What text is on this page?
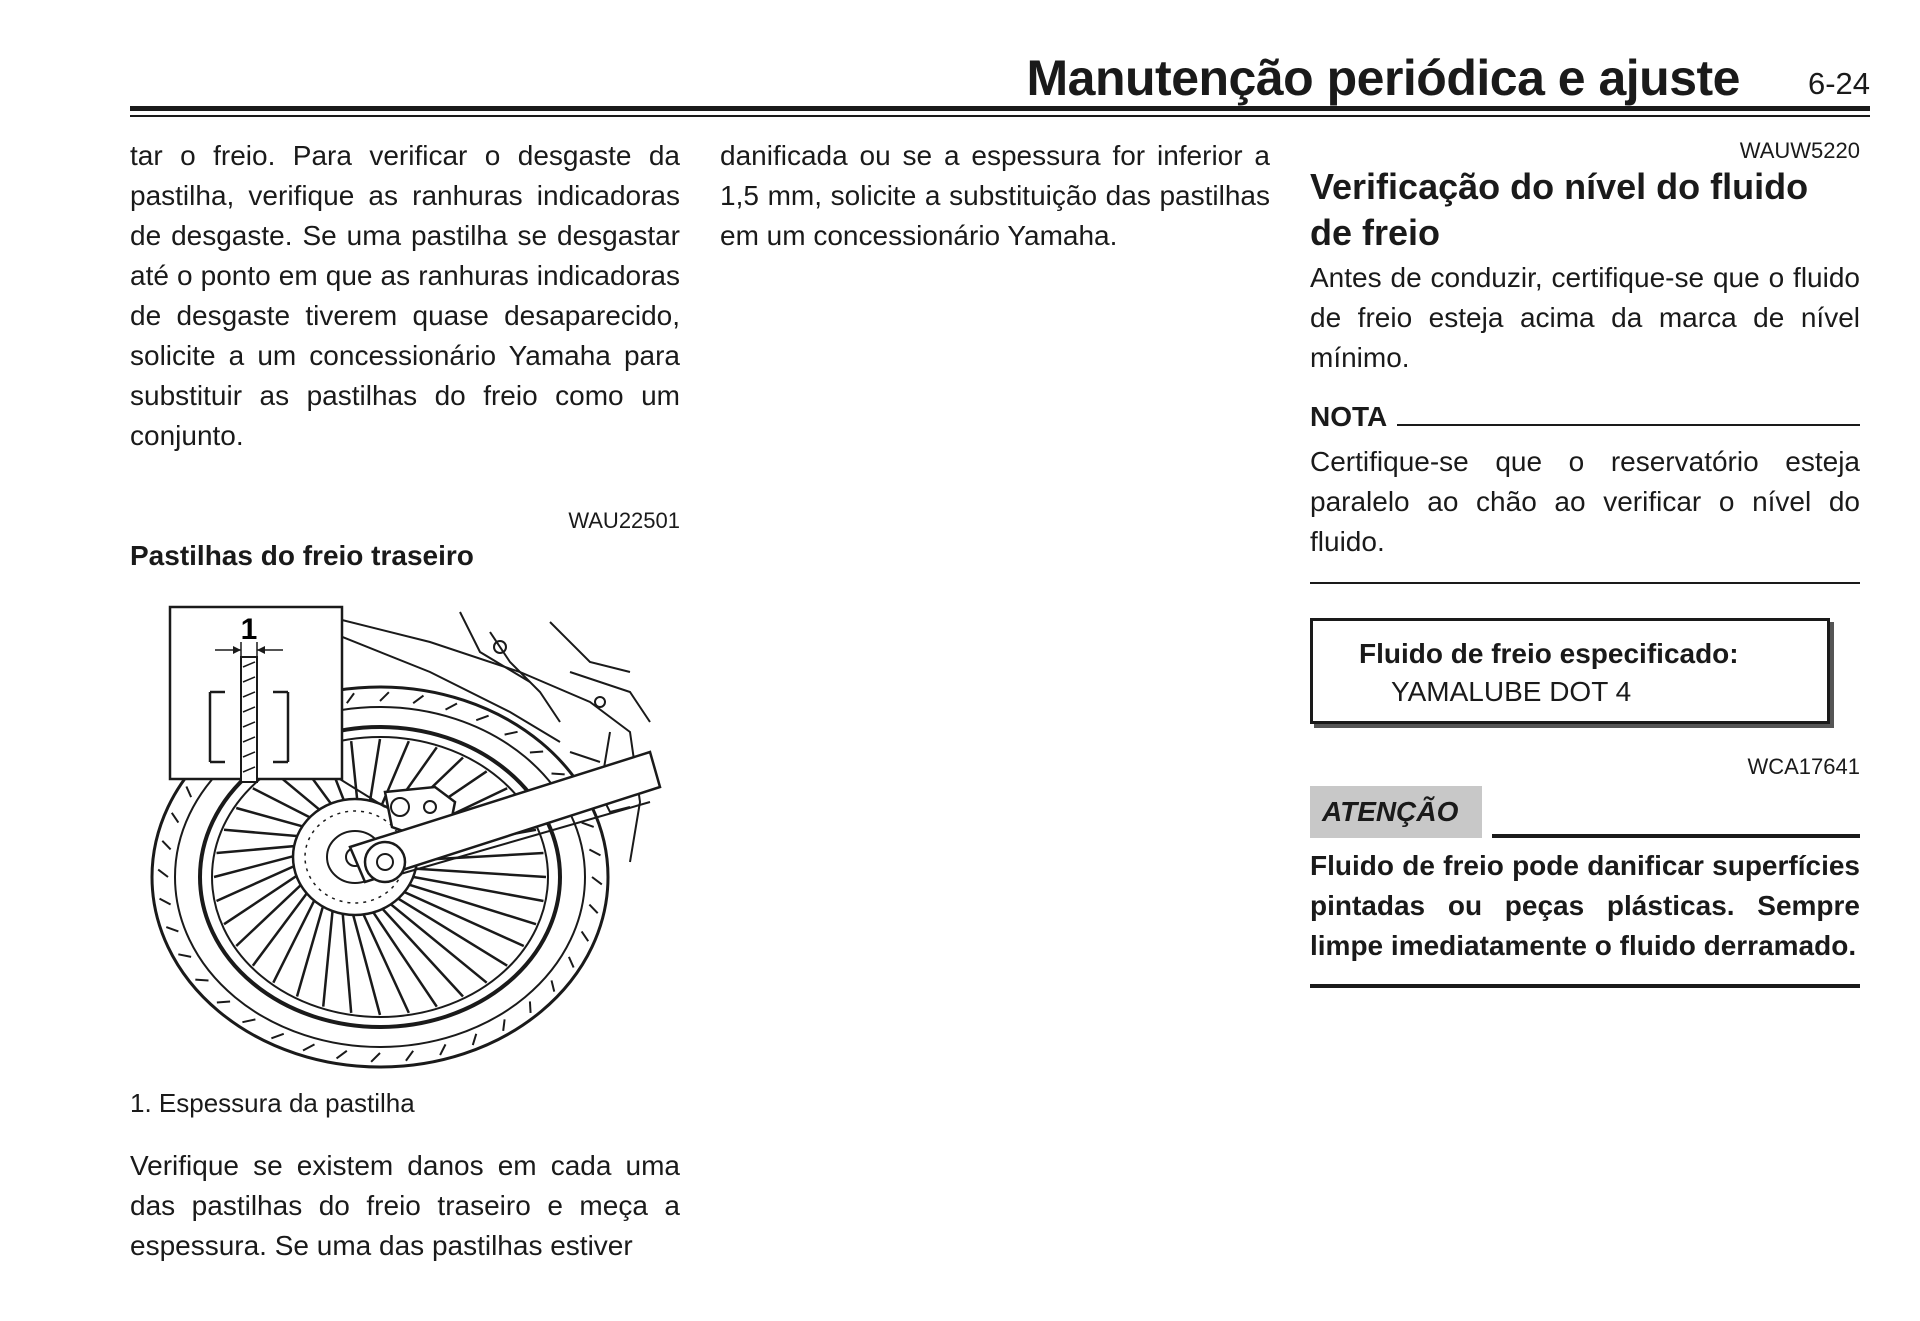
Manutenção periódica e ajuste	6-24

tar o freio. Para verificar o desgaste da pastilha, verifique as ranhuras indicadoras de desgaste. Se uma pastilha se desgastar até o ponto em que as ranhuras indicadoras de desgaste tiverem quase desaparecido, solicite a um concessionário Yamaha para substituir as pastilhas do freio como um conjunto.

WAU22501

Pastilhas do freio traseiro

1

1. Espessura da pastilha

Verifique se existem danos em cada uma das pastilhas do freio traseiro e meça a espessura. Se uma das pastilhas estiver

danificada ou se a espessura for inferior a 1,5 mm, solicite a substituição das pastilhas em um concessionário Yamaha.

WAUW5220

Verificação do nível do fluido de freio

Antes de conduzir, certifique-se que o fluido de freio esteja acima da marca de nível mínimo.

NOTA

Certifique-se que o reservatório esteja paralelo ao chão ao verificar o nível do fluido.

Fluido de freio especificado:
YAMALUBE DOT 4

WCA17641

ATENÇÃO

Fluido de freio pode danificar superfícies pintadas ou peças plásticas. Sempre limpe imediatamente o fluido derramado.
